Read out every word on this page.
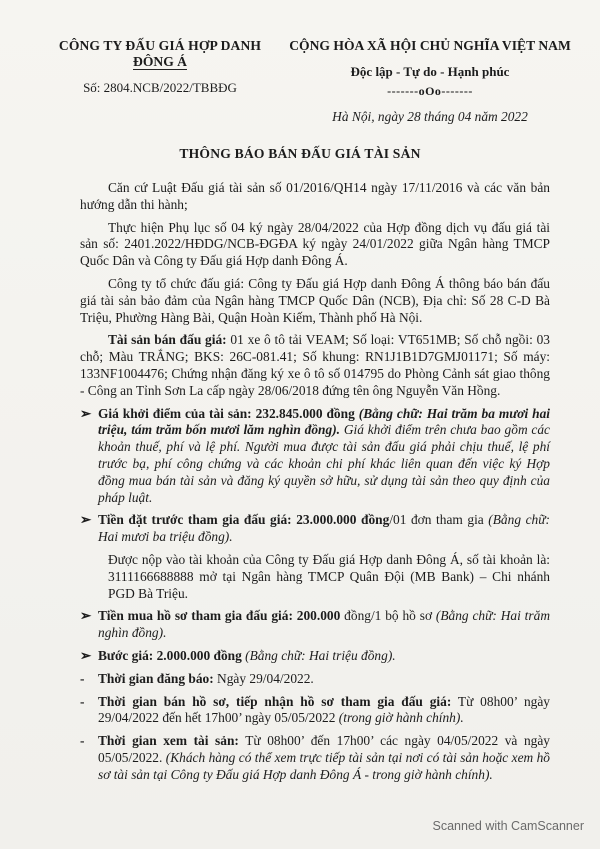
CÔNG TY ĐẤU GIÁ HỢP DANH
ĐÔNG Á
Số: 2804.NCB/2022/TBBĐG
CỘNG HÒA XÃ HỘI CHỦ NGHĨA VIỆT NAM
Độc lập - Tự do - Hạnh phúc
-------oOo-------
Hà Nội, ngày 28 tháng 04 năm 2022
THÔNG BÁO BÁN ĐẤU GIÁ TÀI SẢN

Căn cứ Luật Đấu giá tài sản số 01/2016/QH14 ngày 17/11/2016 và các văn bản hướng dẫn thi hành;

Thực hiện Phụ lục số 04 ký ngày 28/04/2022 của Hợp đồng dịch vụ đấu giá tài sản số: 2401.2022/HĐDG/NCB-ĐGĐA ký ngày 24/01/2022 giữa Ngân hàng TMCP Quốc Dân và Công ty Đấu giá Hợp danh Đông Á.

Công ty tổ chức đấu giá: Công ty Đấu giá Hợp danh Đông Á thông báo bán đấu giá tài sản bảo đảm của Ngân hàng TMCP Quốc Dân (NCB), Địa chỉ: Số 28 C-D Bà Triệu, Phường Hàng Bài, Quận Hoàn Kiếm, Thành phố Hà Nội.

Tài sản bán đấu giá: 01 xe ô tô tải VEAM; Số loại: VT651MB; Số chỗ ngồi: 03 chỗ; Màu TRẮNG; BKS: 26C-081.41; Số khung: RN1J1B1D7GMJ01171; Số máy: 133NF1004476; Chứng nhận đăng ký xe ô tô số 014795 do Phòng Cảnh sát giao thông - Công an Tỉnh Sơn La cấp ngày 28/06/2018 đứng tên ông Nguyễn Văn Hồng.

➢ Giá khởi điểm của tài sản: 232.845.000 đồng (Bằng chữ: Hai trăm ba mươi hai triệu, tám trăm bốn mươi lăm nghìn đồng). Giá khởi điểm trên chưa bao gồm các khoản thuế, phí và lệ phí. Người mua được tài sản đấu giá phải chịu thuế, lệ phí trước bạ, phí công chứng và các khoản chi phí khác liên quan đến việc ký Hợp đồng mua bán tài sản và đăng ký quyền sở hữu, sử dụng tài sản theo quy định của pháp luật.

➢ Tiền đặt trước tham gia đấu giá: 23.000.000 đồng/01 đơn tham gia (Bằng chữ: Hai mươi ba triệu đồng).

Được nộp vào tài khoản của Công ty Đấu giá Hợp danh Đông Á, số tài khoản là: 3111166688888 mở tại Ngân hàng TMCP Quân Đội (MB Bank) – Chi nhánh PGD Bà Triệu.

➢ Tiền mua hồ sơ tham gia đấu giá: 200.000 đồng/1 bộ hồ sơ (Bằng chữ: Hai trăm nghìn đồng).

➢ Bước giá: 2.000.000 đồng (Bằng chữ: Hai triệu đồng).

-	Thời gian đăng báo: Ngày 29/04/2022.

-	Thời gian bán hồ sơ, tiếp nhận hồ sơ tham gia đấu giá: Từ 08h00’ ngày 29/04/2022 đến hết 17h00’ ngày 05/05/2022 (trong giờ hành chính).

-	Thời gian xem tài sản: Từ 08h00’ đến 17h00’ các ngày 04/05/2022 và ngày 05/05/2022. (Khách hàng có thể xem trực tiếp tài sản tại nơi có tài sản hoặc xem hồ sơ tài sản tại Công ty Đấu giá Hợp danh Đông Á - trong giờ hành chính).

Scanned with CamScanner
